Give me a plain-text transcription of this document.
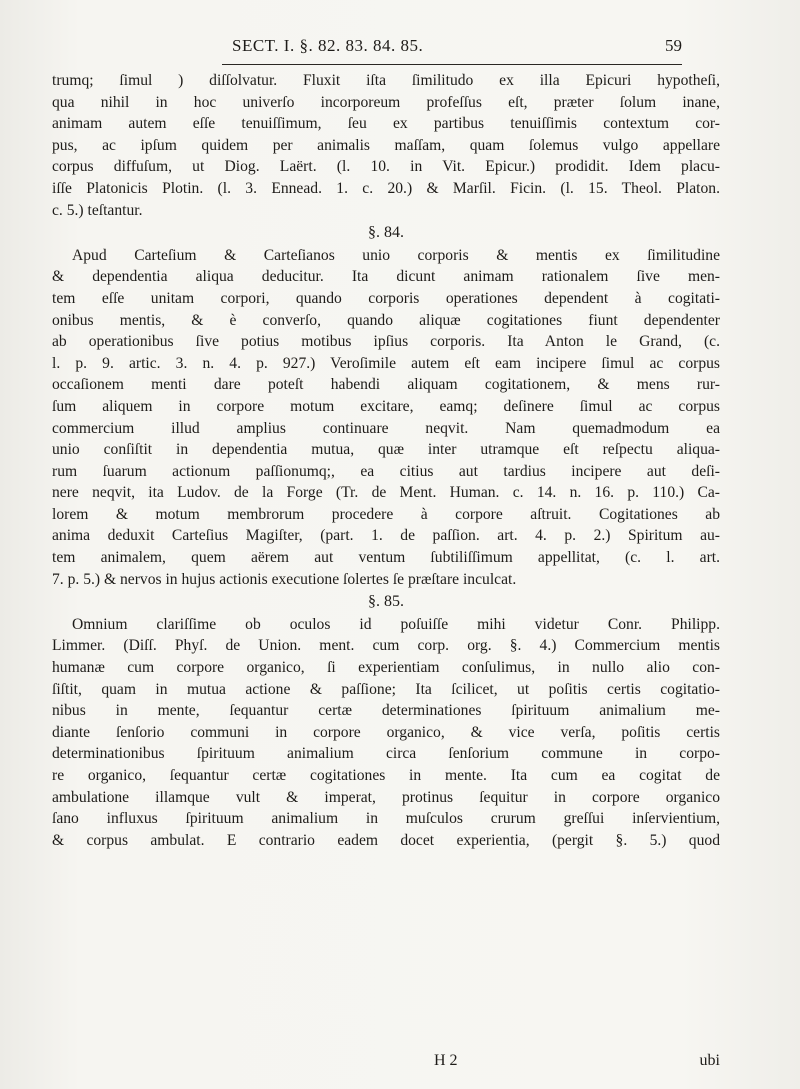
SECT. I. §. 82. 83. 84. 85.	59
trumq; ſimul ) diſſolvatur. Fluxit iſta ſimilitudo ex illa Epicuri hypotheſi,
qua nihil in hoc univerſo incorporeum profeſſus eſt, præter ſolum inane,
animam autem eſſe tenuiſſimum, ſeu ex partibus tenuiſſimis contextum cor-
pus, ac ipſum quidem per animalis maſſam, quam ſolemus vulgo appellare
corpus diffuſum, ut Diog. Laërt. (l. 10. in Vit. Epicur.) prodidit. Idem placu-
iſſe Platonicis Plotin. (l. 3. Ennead. 1. c. 20.) & Marſil. Ficin. (l. 15. Theol. Platon.
c. 5.) teſtantur.
§. 84.
Apud Carteſium & Carteſianos unio corporis & mentis ex ſimilitudine
& dependentia aliqua deducitur. Ita dicunt animam rationalem ſive men-
tem eſſe unitam corpori, quando corporis operationes dependent à cogitati-
onibus mentis, & è converſo, quando aliquæ cogitationes fiunt dependenter
ab operationibus ſive potius motibus ipſius corporis. Ita Anton le Grand, (c.
l. p. 9. artic. 3. n. 4. p. 927.) Veroſimile autem eſt eam incipere ſimul ac corpus
occaſionem menti dare poteſt habendi aliquam cogitationem, & mens rur-
ſum aliquem in corpore motum excitare, eamq; deſinere ſimul ac corpus
commercium illud amplius continuare neqvit. Nam quemadmodum ea
unio conſiſtit in dependentia mutua, quæ inter utramque eſt reſpectu aliqua-
rum ſuarum actionum paſſionumq;, ea citius aut tardius incipere aut deſi-
nere neqvit, ita Ludov. de la Forge (Tr. de Ment. Human. c. 14. n. 16. p. 110.) Ca-
lorem & motum membrorum procedere à corpore aſtruit. Cogitationes ab
anima deduxit Carteſius Magiſter, (part. 1. de paſſion. art. 4. p. 2.) Spiritum au-
tem animalem, quem aërem aut ventum ſubtiliſſimum appellitat, (c. l. art.
7. p. 5.) & nervos in hujus actionis executione ſolertes ſe præſtare inculcat.
§. 85.
Omnium clariſſime ob oculos id poſuiſſe mihi videtur Conr. Philipp.
Limmer. (Diſſ. Phyſ. de Union. ment. cum corp. org. §. 4.) Commercium mentis
humanæ cum corpore organico, ſi experientiam conſulimus, in nullo alio con-
ſiſtit, quam in mutua actione & paſſione; Ita ſcilicet, ut poſitis certis cogitatio-
nibus in mente, ſequantur certæ determinationes ſpirituum animalium me-
diante ſenſorio communi in corpore organico, & vice verſa, poſitis certis
determinationibus ſpirituum animalium circa ſenſorium commune in corpo-
re organico, ſequantur certæ cogitationes in mente. Ita cum ea cogitat de
ambulatione illamque vult & imperat, protinus ſequitur in corpore organico
ſano influxus ſpirituum animalium in muſculos crurum greſſui inſervientium,
& corpus ambulat. E contrario eadem docet experientia, (pergit §. 5.) quod
H 2	ubi
